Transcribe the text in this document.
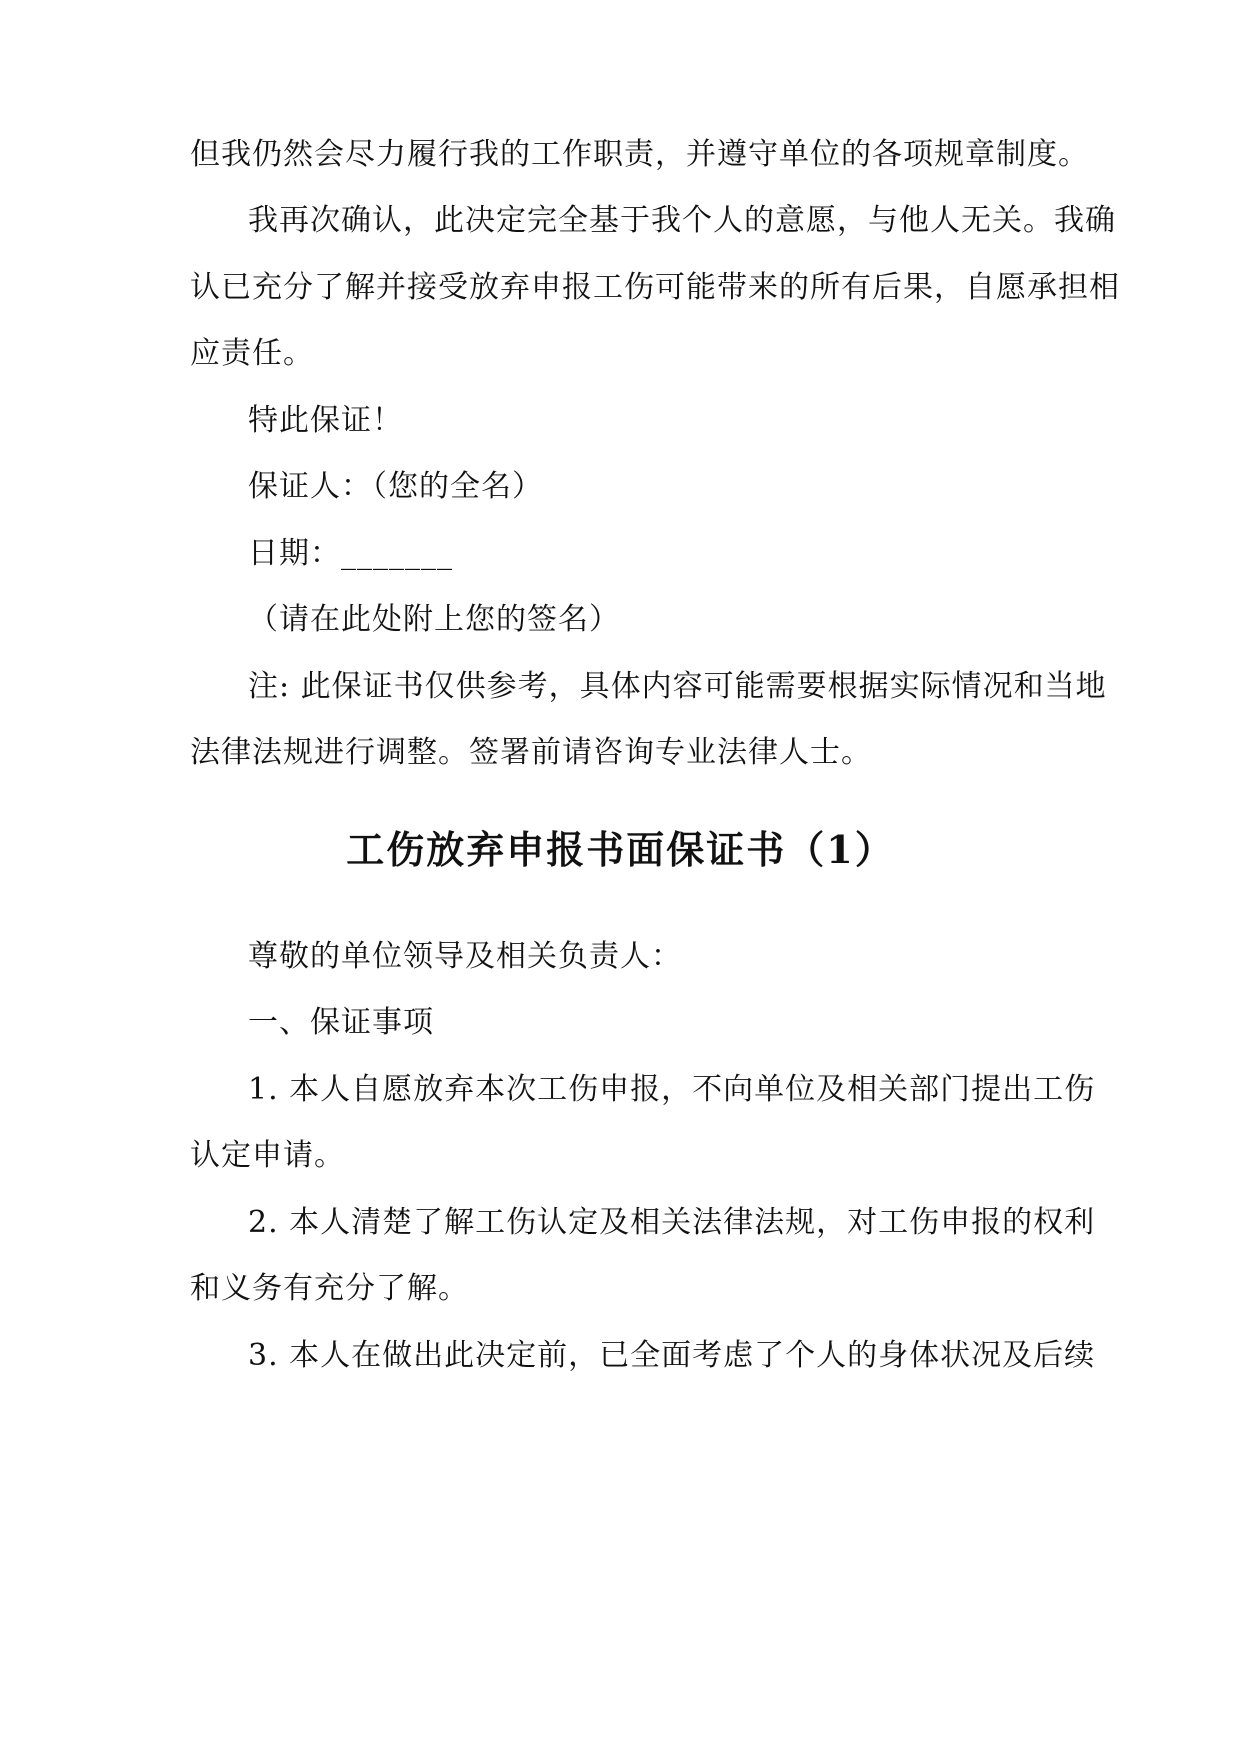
但我仍然会尽力履行我的工作职责，并遵守单位的各项规章制度。
我再次确认，此决定完全基于我个人的意愿，与他人无关。我确
认已充分了解并接受放弃申报工伤可能带来的所有后果，自愿承担相
应责任。
特此保证！
保证人：（您的全名）
日期：_______
（请在此处附上您的签名）
注: 此保证书仅供参考，具体内容可能需要根据实际情况和当地
法律法规进行调整。签署前请咨询专业法律人士。
工伤放弃申报书面保证书（1）
尊敬的单位领导及相关负责人：
一、保证事项
1. 本人自愿放弃本次工伤申报，不向单位及相关部门提出工伤
认定申请。
2. 本人清楚了解工伤认定及相关法律法规，对工伤申报的权利
和义务有充分了解。
3. 本人在做出此决定前，已全面考虑了个人的身体状况及后续
